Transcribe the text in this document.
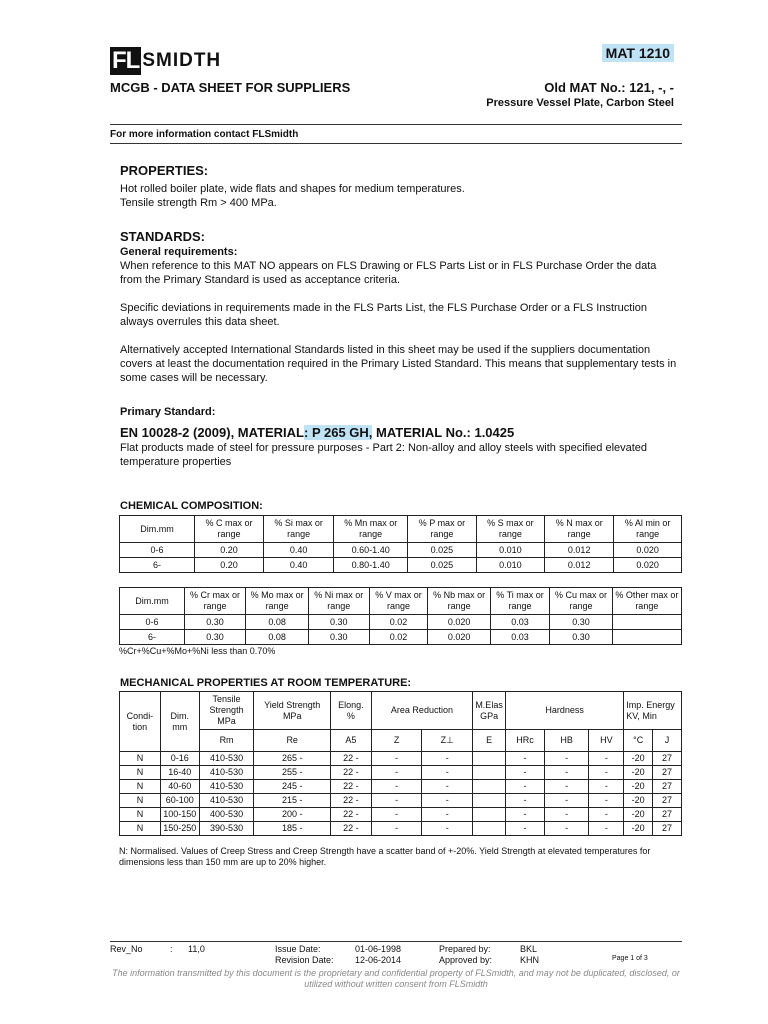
FL SMIDTH	MAT 1210
MCGB - DATA SHEET FOR SUPPLIERS	Old MAT No.: 121, -, -
Pressure Vessel Plate, Carbon Steel
For more information contact FLSmidth
PROPERTIES:
Hot rolled boiler plate, wide flats and shapes for medium temperatures.
Tensile strength Rm > 400 MPa.
STANDARDS:
General requirements:
When reference to this MAT NO appears on FLS Drawing or FLS Parts List or in FLS Purchase Order the data from the Primary Standard is used as acceptance criteria.
Specific deviations in requirements made in the FLS Parts List, the FLS Purchase Order or a FLS Instruction always overrules this data sheet.
Alternatively accepted International Standards listed in this sheet may be used if the suppliers documentation covers at least the documentation required in the Primary Listed Standard. This means that supplementary tests in some cases will be necessary.
Primary Standard:
EN 10028-2 (2009), MATERIAL: P 265 GH, MATERIAL No.: 1.0425
Flat products made of steel for pressure purposes - Part 2: Non-alloy and alloy steels with specified elevated temperature properties
CHEMICAL COMPOSITION:
Dim.mm	% C max or range	% Si max or range	% Mn max or range	% P max or range	% S max or range	% N max or range	% Al min or range
0-6	0.20	0.40	0.60-1.40	0.025	0.010	0.012	0.020
6-	0.20	0.40	0.80-1.40	0.025	0.010	0.012	0.020
Dim.mm	% Cr max or range	% Mo max or range	% Ni max or range	% V max or range	% Nb max or range	% Ti max or range	% Cu max or range	% Other max or range
0-6	0.30	0.08	0.30	0.02	0.020	0.03	0.30	
6-	0.30	0.08	0.30	0.02	0.020	0.03	0.30	
%Cr+%Cu+%Mo+%Ni less than 0.70%
MECHANICAL PROPERTIES AT ROOM TEMPERATURE:
Condi-tion	Dim. mm	Tensile Strength MPa	Yield Strength MPa	Elong. %	Area Reduction		M.Elas GPa	Hardness			Imp. Energy KV, Min	
		Rm	Re	A5	Z	Z⊥	E	HRc	HB	HV	°C	J
N	0-16	410-530	265 -	22 -	-	-		-	-	-	-20	27
N	16-40	410-530	255 -	22 -	-	-		-	-	-	-20	27
N	40-60	410-530	245 -	22 -	-	-		-	-	-	-20	27
N	60-100	410-530	215 -	22 -	-	-		-	-	-	-20	27
N	100-150	400-530	200 -	22 -	-	-		-	-	-	-20	27
N	150-250	390-530	185 -	22 -	-	-		-	-	-	-20	27
N: Normalised. Values of Creep Stress and Creep Strength have a scatter band of +-20%. Yield Strength at elevated temperatures for dimensions less than 150 mm are up to 20% higher.
Rev_No	: 11,0	Issue Date:	01-06-1998
Revision Date: 12-06-2014
Prepared by:	BKL
Approved by:	KHN	Page 1 of 3
The information transmitted by this document is the proprietary and confidential property of FLSmidth, and may not be duplicated, disclosed, or utilized without written consent from FLSmidth
